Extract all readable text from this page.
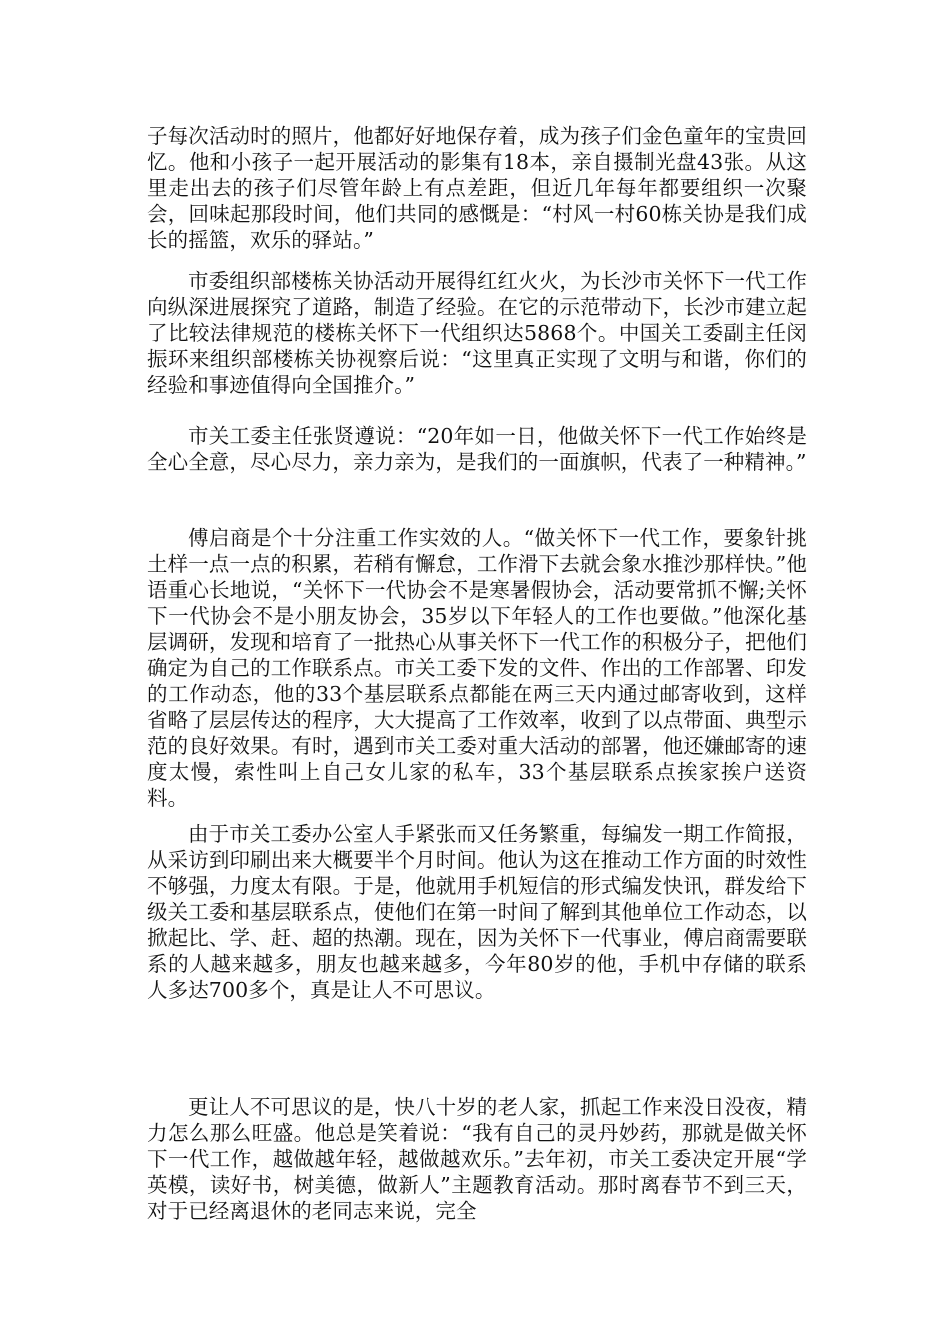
子每次活动时的照片，他都好好地保存着，成为孩子们金色童年的宝贵回忆。他和小孩子一起开展活动的影集有18本，亲自摄制光盘43张。从这里走出去的孩子们尽管年龄上有点差距，但近几年每年都要组织一次聚会，回味起那段时间，他们共同的感慨是：“村风一村60栋关协是我们成长的摇篮，欢乐的驿站。”

市委组织部楼栋关协活动开展得红红火火，为长沙市关怀下一代工作向纵深进展探究了道路，制造了经验。在它的示范带动下，长沙市建立起了比较法律规范的楼栋关怀下一代组织达5868个。中国关工委副主任闵振环来组织部楼栋关协视察后说：“这里真正实现了文明与和谐，你们的经验和事迹值得向全国推介。”

市关工委主任张贤遵说：“20年如一日，他做关怀下一代工作始终是全心全意，尽心尽力，亲力亲为，是我们的一面旗帜，代表了一种精神。”

傅启商是个十分注重工作实效的人。“做关怀下一代工作，要象针挑土样一点一点的积累，若稍有懈怠，工作滑下去就会象水推沙那样快。”他语重心长地说，“关怀下一代协会不是寒暑假协会，活动要常抓不懈;关怀下一代协会不是小朋友协会，35岁以下年轻人的工作也要做。”他深化基层调研，发现和培育了一批热心从事关怀下一代工作的积极分子，把他们确定为自己的工作联系点。市关工委下发的文件、作出的工作部署、印发的工作动态，他的33个基层联系点都能在两三天内通过邮寄收到，这样省略了层层传达的程序，大大提高了工作效率，收到了以点带面、典型示范的良好效果。有时，遇到市关工委对重大活动的部署，他还嫌邮寄的速度太慢，索性叫上自己女儿家的私车，33个基层联系点挨家挨户送资料。

由于市关工委办公室人手紧张而又任务繁重，每编发一期工作简报，从采访到印刷出来大概要半个月时间。他认为这在推动工作方面的时效性不够强，力度太有限。于是，他就用手机短信的形式编发快讯，群发给下级关工委和基层联系点，使他们在第一时间了解到其他单位工作动态，以掀起比、学、赶、超的热潮。现在，因为关怀下一代事业，傅启商需要联系的人越来越多，朋友也越来越多，今年80岁的他，手机中存储的联系人多达700多个，真是让人不可思议。

更让人不可思议的是，快八十岁的老人家，抓起工作来没日没夜，精力怎么那么旺盛。他总是笑着说：“我有自己的灵丹妙药，那就是做关怀下一代工作，越做越年轻，越做越欢乐。”去年初，市关工委决定开展“学英模，读好书，树美德，做新人”主题教育活动。那时离春节不到三天，对于已经离退休的老同志来说，完全
